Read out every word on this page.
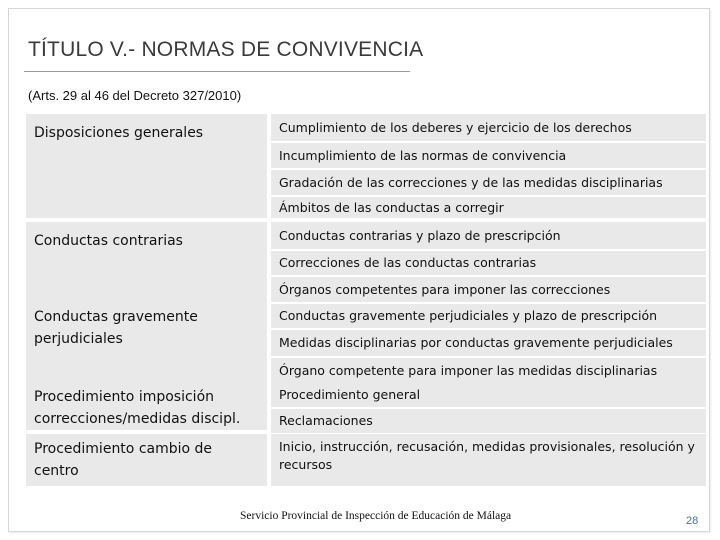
TÍTULO V.- NORMAS DE CONVIVENCIA
(Arts. 29 al 46 del Decreto 327/2010)
Disposiciones generales
Conductas contrarias
Conductas gravemente perjudiciales
Procedimiento imposición correcciones/medidas discipl.
Procedimiento cambio de centro
Cumplimiento de los deberes y ejercicio de los derechos
Incumplimiento de las normas de convivencia
Gradación de las correcciones y de las medidas disciplinarias
Ámbitos de las conductas a corregir
Conductas contrarias y plazo de prescripción
Correcciones de las conductas contrarias
Órganos competentes para imponer las correcciones
Conductas gravemente perjudiciales y plazo de prescripción
Medidas disciplinarias por conductas gravemente perjudiciales
Órgano competente para imponer las medidas disciplinarias
Procedimiento general
Reclamaciones
Inicio, instrucción, recusación, medidas provisionales, resolución y recursos
Servicio Provincial de Inspección de Educación de Málaga	28
